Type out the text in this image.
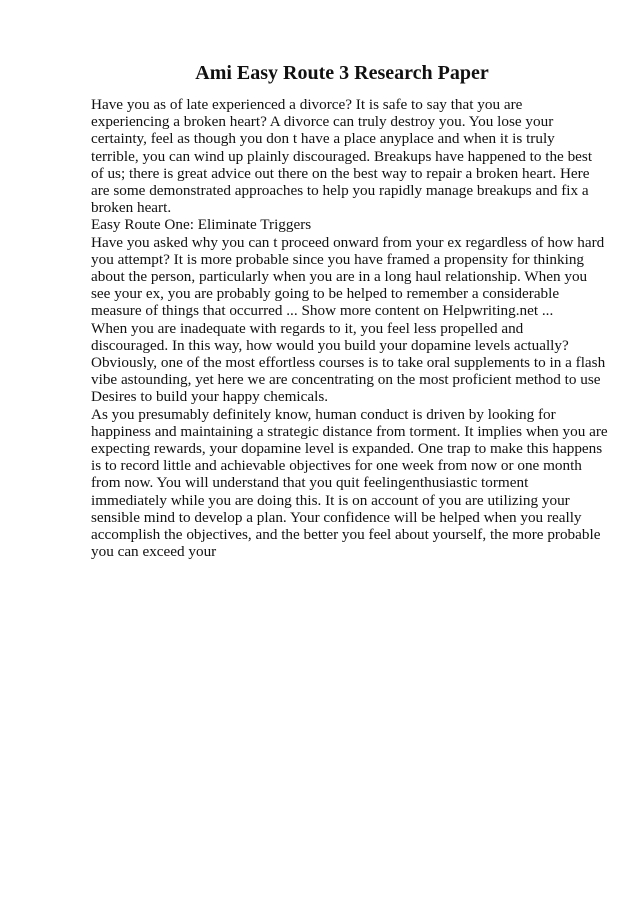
Ami Easy Route 3 Research Paper
Have you as of late experienced a divorce? It is safe to say that you are
experiencing a broken heart? A divorce can truly destroy you. You lose your
certainty, feel as though you don t have a place anyplace and when it is truly
terrible, you can wind up plainly discouraged. Breakups have happened to the best
of us; there is great advice out there on the best way to repair a broken heart. Here
are some demonstrated approaches to help you rapidly manage breakups and fix a
broken heart.
Easy Route One: Eliminate Triggers
Have you asked why you can t proceed onward from your ex regardless of how hard
you attempt? It is more probable since you have framed a propensity for thinking
about the person, particularly when you are in a long haul relationship. When you
see your ex, you are probably going to be helped to remember a considerable
measure of things that occurred ... Show more content on Helpwriting.net ...
When you are inadequate with regards to it, you feel less propelled and
discouraged. In this way, how would you build your dopamine levels actually?
Obviously, one of the most effortless courses is to take oral supplements to in a flash
vibe astounding, yet here we are concentrating on the most proficient method to use
Desires to build your happy chemicals.
As you presumably definitely know, human conduct is driven by looking for
happiness and maintaining a strategic distance from torment. It implies when you are
expecting rewards, your dopamine level is expanded. One trap to make this happens
is to record little and achievable objectives for one week from now or one month
from now. You will understand that you quit feelingenthusiastic torment
immediately while you are doing this. It is on account of you are utilizing your
sensible mind to develop a plan. Your confidence will be helped when you really
accomplish the objectives, and the better you feel about yourself, the more probable
you can exceed your
